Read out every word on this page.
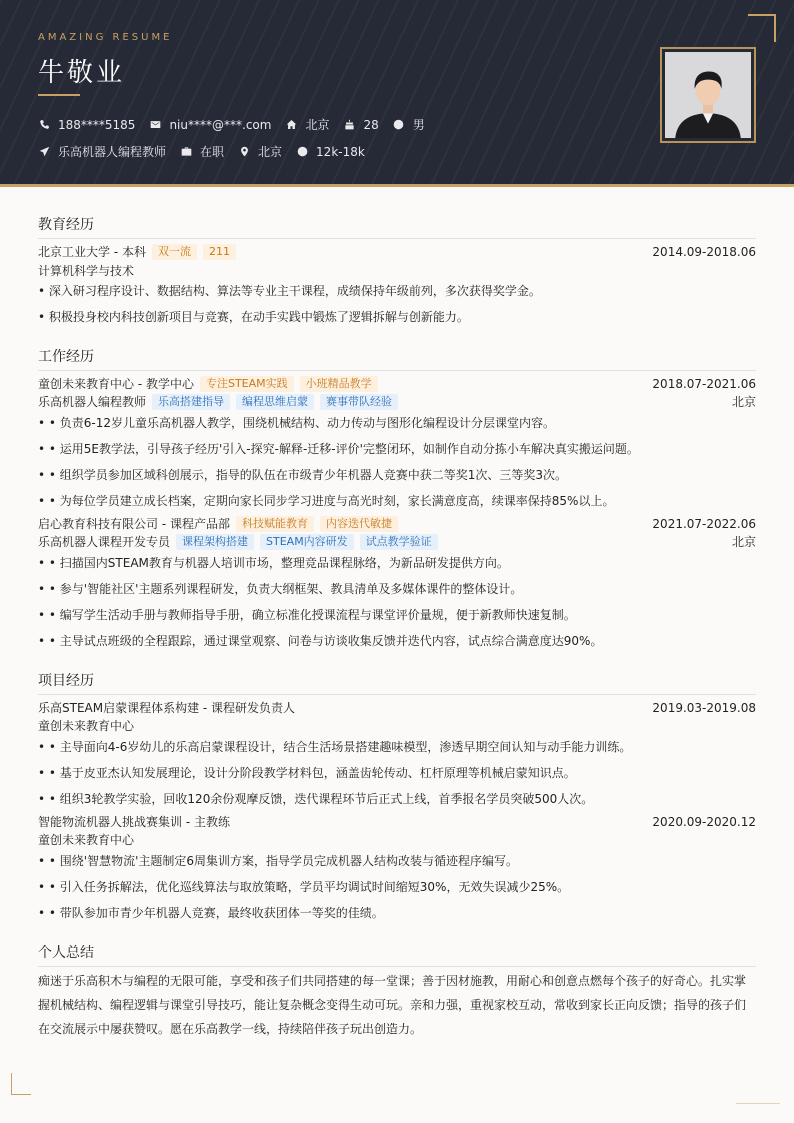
AMAZING RESUME
牛敬业
188****5185	niu****@***.com	北京	28	男
乐高机器人编程教师	在职	北京	12k-18k
教育经历
北京工业大学 - 本科	双一流	211	2014.09-2018.06
计算机科学与技术
• 深入研习程序设计、数据结构、算法等专业主干课程，成绩保持年级前列，多次获得奖学金。
• 积极投身校内科技创新项目与竞赛，在动手实践中锻炼了逻辑拆解与创新能力。
工作经历
童创未来教育中心 - 教学中心	专注STEAM实践	小班精品教学	2018.07-2021.06
乐高机器人编程教师	乐高搭建指导	编程思维启蒙	赛事带队经验	北京
• • 负责6-12岁儿童乐高机器人教学，围绕机械结构、动力传动与图形化编程设计分层课堂内容。
• • 运用5E教学法，引导孩子经历'引入-探究-解释-迁移-评价'完整闭环，如制作自动分拣小车解决真实搬运问题。
• • 组织学员参加区域科创展示，指导的队伍在市级青少年机器人竞赛中获二等奖1次、三等奖3次。
• • 为每位学员建立成长档案，定期向家长同步学习进度与高光时刻，家长满意度高，续课率保持85%以上。
启心教育科技有限公司 - 课程产品部	科技赋能教育	内容迭代敏捷	2021.07-2022.06
乐高机器人课程开发专员	课程架构搭建	STEAM内容研发	试点教学验证	北京
• • 扫描国内STEAM教育与机器人培训市场，整理竞品课程脉络，为新品研发提供方向。
• • 参与'智能社区'主题系列课程研发，负责大纲框架、教具清单及多媒体课件的整体设计。
• • 编写学生活动手册与教师指导手册，确立标准化授课流程与课堂评价量规，便于新教师快速复制。
• • 主导试点班级的全程跟踪，通过课堂观察、问卷与访谈收集反馈并迭代内容，试点综合满意度达90%。
项目经历
乐高STEAM启蒙课程体系构建 - 课程研发负责人	2019.03-2019.08
童创未来教育中心
• • 主导面向4-6岁幼儿的乐高启蒙课程设计，结合生活场景搭建趣味模型，渗透早期空间认知与动手能力训练。
• • 基于皮亚杰认知发展理论，设计分阶段教学材料包，涵盖齿轮传动、杠杆原理等机械启蒙知识点。
• • 组织3轮教学实验，回收120余份观摩反馈，迭代课程环节后正式上线，首季报名学员突破500人次。
智能物流机器人挑战赛集训 - 主教练	2020.09-2020.12
童创未来教育中心
• • 围绕'智慧物流'主题制定6周集训方案，指导学员完成机器人结构改装与循迹程序编写。
• • 引入任务拆解法，优化巡线算法与取放策略，学员平均调试时间缩短30%，无效失误减少25%。
• • 带队参加市青少年机器人竞赛，最终收获团体一等奖的佳绩。
个人总结
痴迷于乐高积木与编程的无限可能，享受和孩子们共同搭建的每一堂课；善于因材施教，用耐心和创意点燃每个孩子的好奇心。扎实掌
握机械结构、编程逻辑与课堂引导技巧，能让复杂概念变得生动可玩。亲和力强，重视家校互动，常收到家长正向反馈；指导的孩子们
在交流展示中屡获赞叹。愿在乐高教学一线，持续陪伴孩子玩出创造力。
